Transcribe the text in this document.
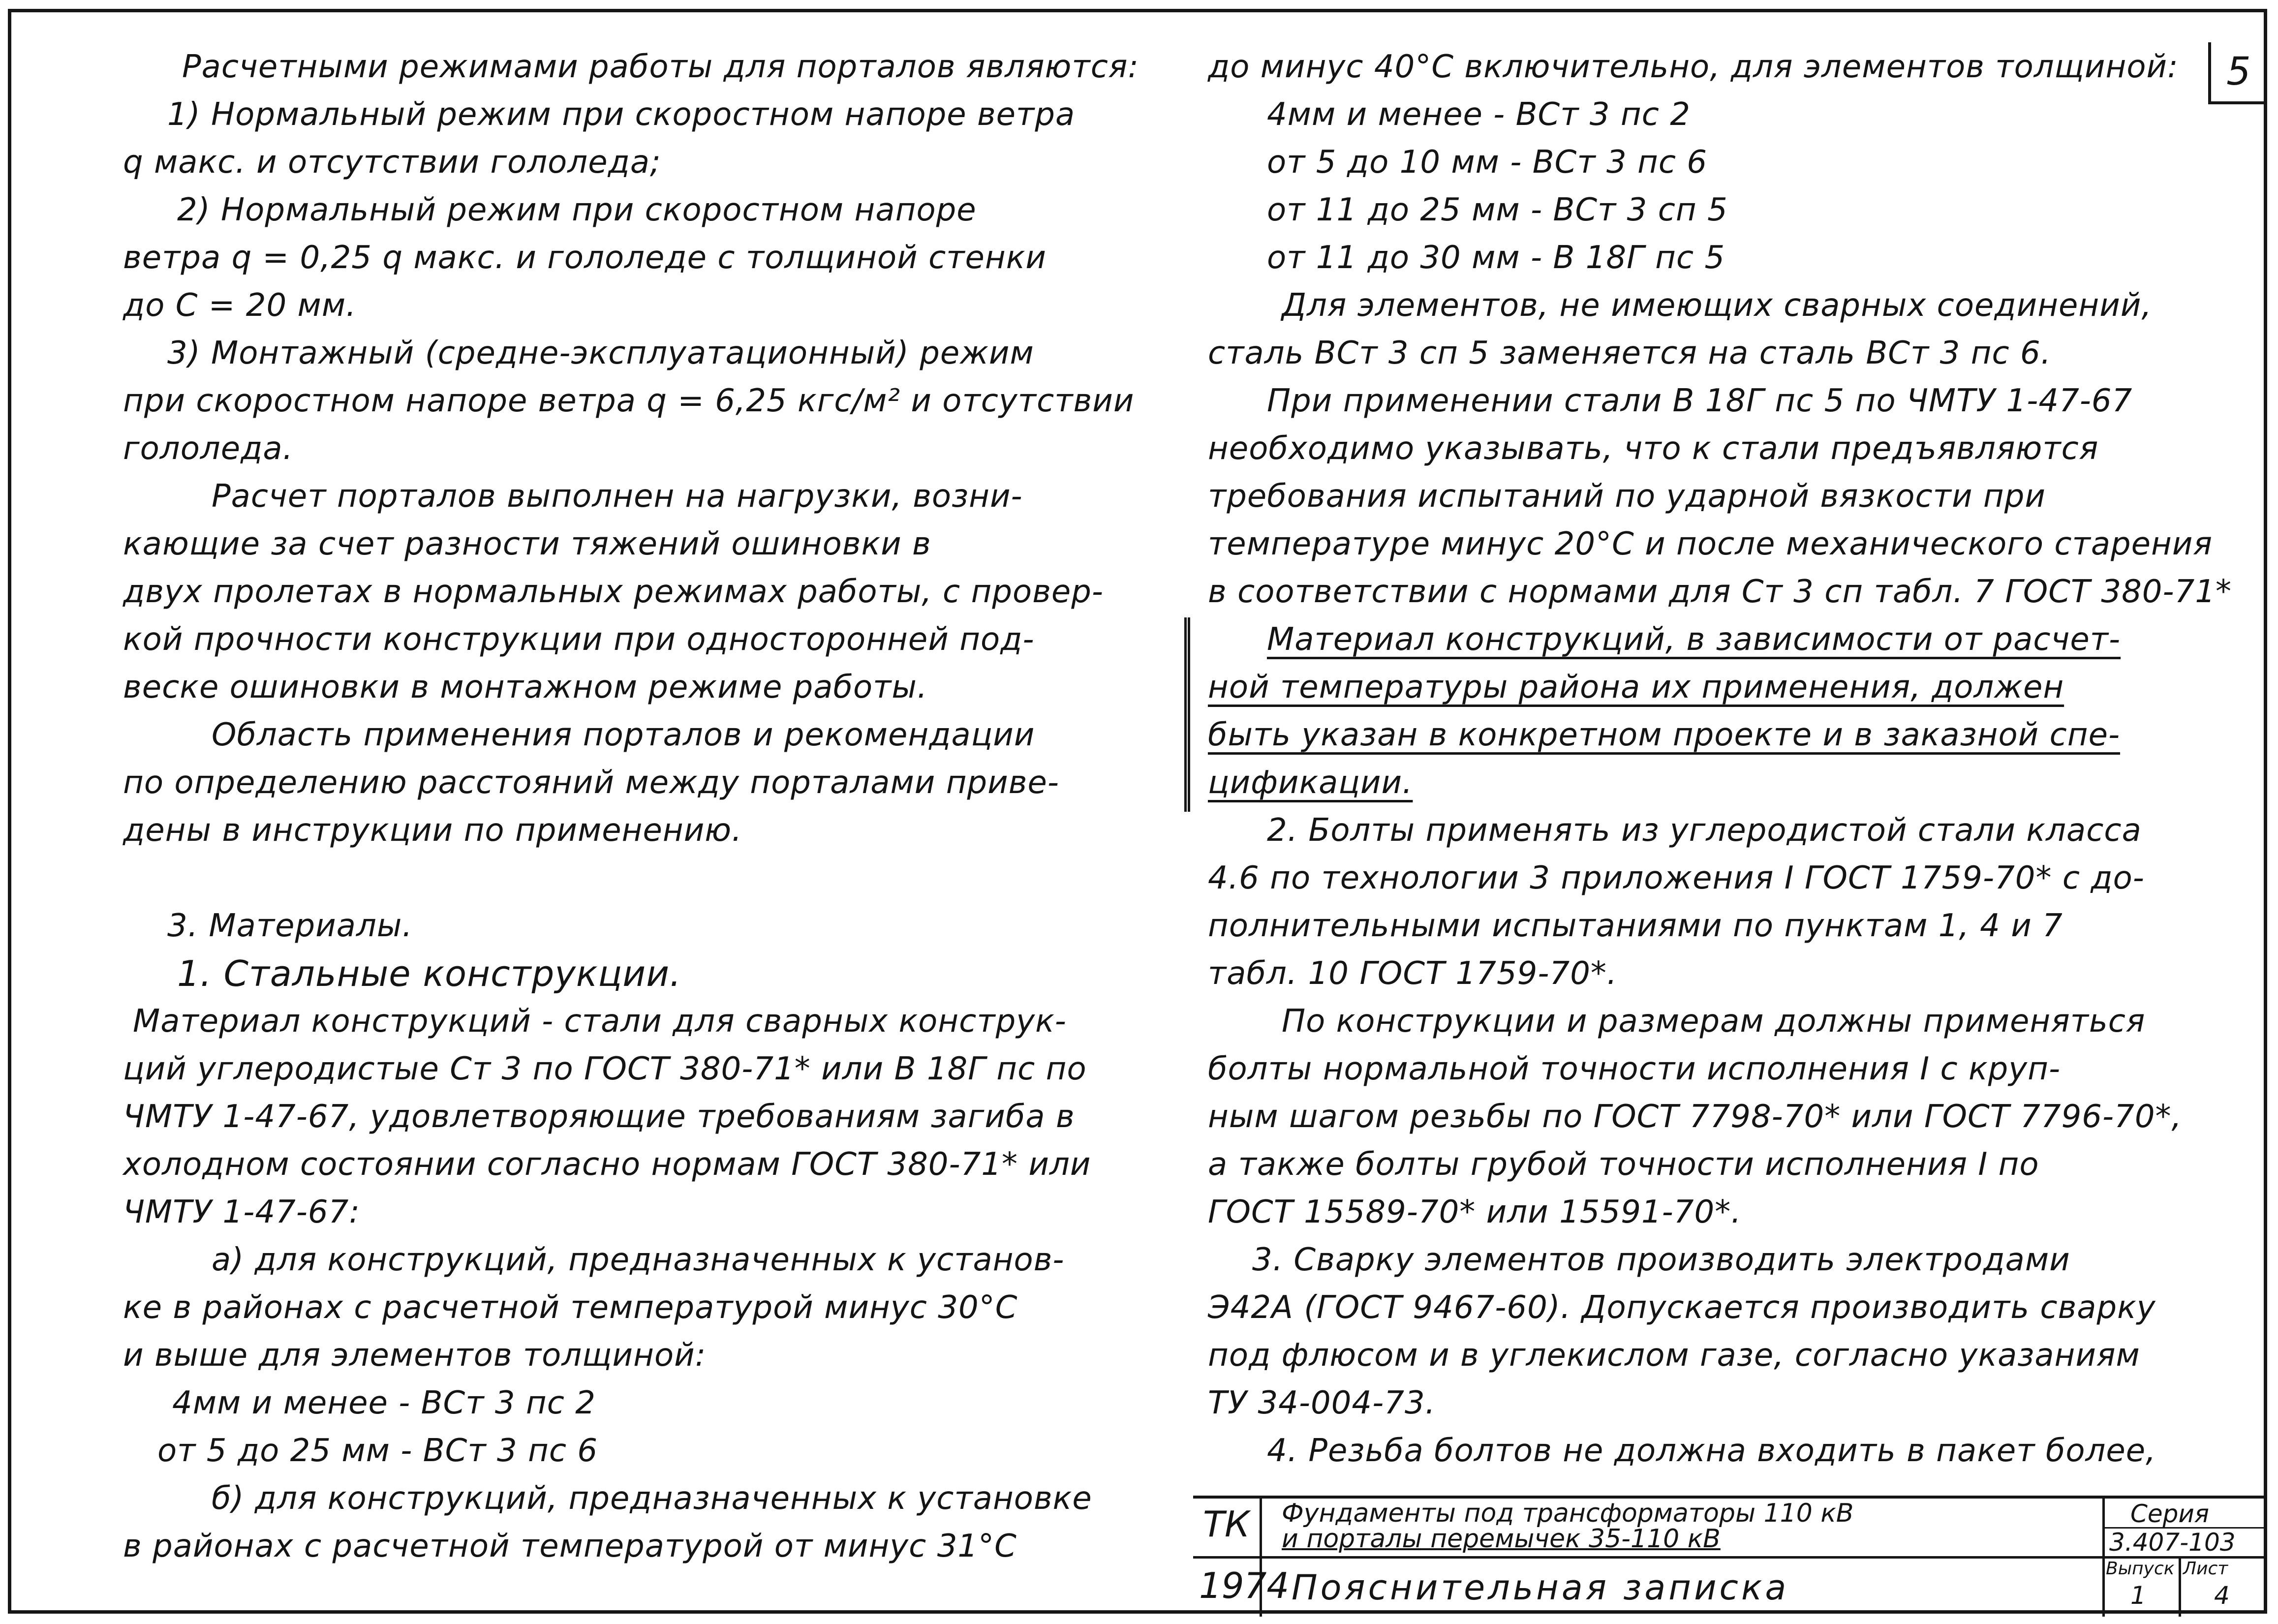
5
Расчетными режимами работы для порталов являются:
1) Нормальный режим при скоростном напоре ветра
q макс. и отсутствии гололеда;
2) Нормальный режим при скоростном напоре
ветра q = 0,25 q макс. и гололеде с толщиной стенки
до С = 20 мм.
3) Монтажный (средне-эксплуатационный) режим
при скоростном напоре ветра q = 6,25 кгс/м² и отсутствии
гололеда.
Расчет порталов выполнен на нагрузки, возни-
кающие за счет разности тяжений ошиновки в
двух пролетах в нормальных режимах работы, с провер-
кой прочности конструкции при односторонней под-
веске ошиновки в монтажном режиме работы.
Область применения порталов и рекомендации
по определению расстояний между порталами приве-
дены в инструкции по применению.
3. Материалы.
1. Стальные конструкции.
Материал конструкций - стали для сварных конструк-
ций углеродистые Ст 3 по ГОСТ 380-71* или В 18Г пс по
ЧМТУ 1-47-67, удовлетворяющие требованиям загиба в
холодном состоянии согласно нормам ГОСТ 380-71* или
ЧМТУ 1-47-67:
а) для конструкций, предназначенных к установ-
ке в районах с расчетной температурой минус 30°С
и выше для элементов толщиной:
4мм и менее - ВСт 3 пс 2
от 5 до 25 мм - ВСт 3 пс 6
б) для конструкций, предназначенных к установке
в районах с расчетной температурой от минус 31°С
до минус 40°С включительно, для элементов толщиной:
4мм и менее - ВСт 3 пс 2
от 5 до 10 мм - ВСт 3 пс 6
от 11 до 25 мм - ВСт 3 сп 5
от 11 до 30 мм - В 18Г пс 5
Для элементов, не имеющих сварных соединений,
сталь ВСт 3 сп 5 заменяется на сталь ВСт 3 пс 6.
При применении стали В 18Г пс 5 по ЧМТУ 1-47-67
необходимо указывать, что к стали предъявляются
требования испытаний по ударной вязкости при
температуре минус 20°С и после механического старения
в соответствии с нормами для Ст 3 сп табл. 7 ГОСТ 380-71*
Материал конструкций, в зависимости от расчет-
ной температуры района их применения, должен
быть указан в конкретном проекте и в заказной спе-
цификации.
2. Болты применять из углеродистой стали класса
4.6 по технологии 3 приложения I ГОСТ 1759-70* с до-
полнительными испытаниями по пунктам 1, 4 и 7
табл. 10 ГОСТ 1759-70*.
По конструкции и размерам должны применяться
болты нормальной точности исполнения I с круп-
ным шагом резьбы по ГОСТ 7798-70* или ГОСТ 7796-70*,
а также болты грубой точности исполнения I по
ГОСТ 15589-70* или 15591-70*.
3. Сварку элементов производить электродами
Э42А (ГОСТ 9467-60). Допускается производить сварку
под флюсом и в углекислом газе, согласно указаниям
ТУ 34-004-73.
4. Резьба болтов не должна входить в пакет более,
ТК
1974
Фундаменты под трансформаторы 110 кВ
и порталы перемычек 35-110 кВ
Пояснительная записка
Серия
3.407-103
Выпуск
1
Лист
4
